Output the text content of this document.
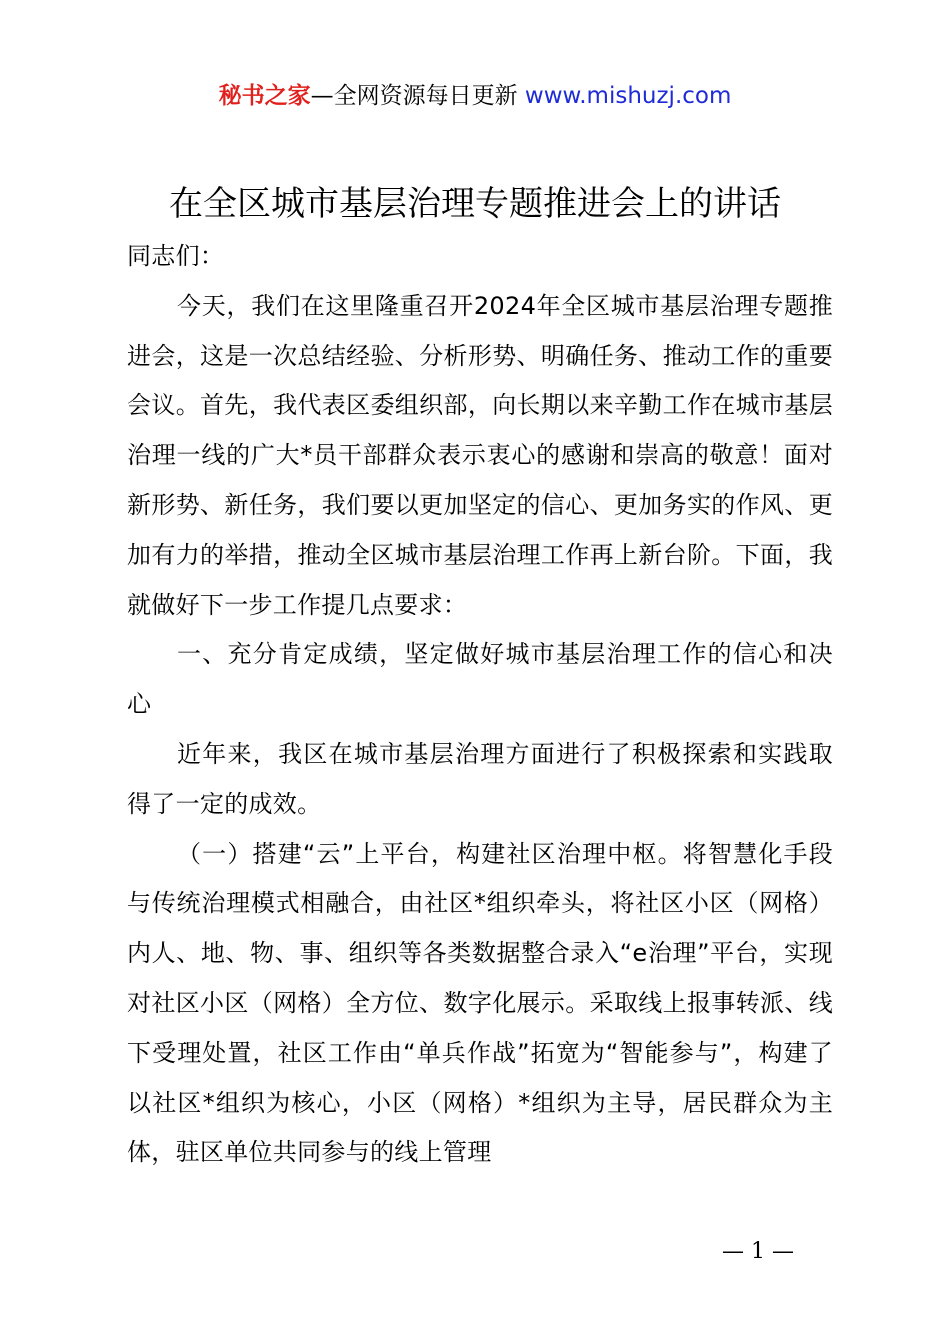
秘书之家—全网资源每日更新 www.mishuzj.com
在全区城市基层治理专题推进会上的讲话

同志们：

今天，我们在这里隆重召开2024年全区城市基层治理专题推进会，这是一次总结经验、分析形势、明确任务、推动工作的重要会议。首先，我代表区委组织部，向长期以来辛勤工作在城市基层治理一线的广大*员干部群众表示衷心的感谢和崇高的敬意！面对新形势、新任务，我们要以更加坚定的信心、更加务实的作风、更加有力的举措，推动全区城市基层治理工作再上新台阶。下面，我就做好下一步工作提几点要求：

一、充分肯定成绩，坚定做好城市基层治理工作的信心和决心

近年来，我区在城市基层治理方面进行了积极探索和实践取得了一定的成效。

（一）搭建“云”上平台，构建社区治理中枢。将智慧化手段与传统治理模式相融合，由社区*组织牵头，将社区小区（网格）内人、地、物、事、组织等各类数据整合录入“e治理”平台，实现对社区小区（网格）全方位、数字化展示。采取线上报事转派、线下受理处置，社区工作由“单兵作战”拓宽为“智能参与”，构建了以社区*组织为核心，小区（网格）*组织为主导，居民群众为主体，驻区单位共同参与的线上管理

— 1 —
